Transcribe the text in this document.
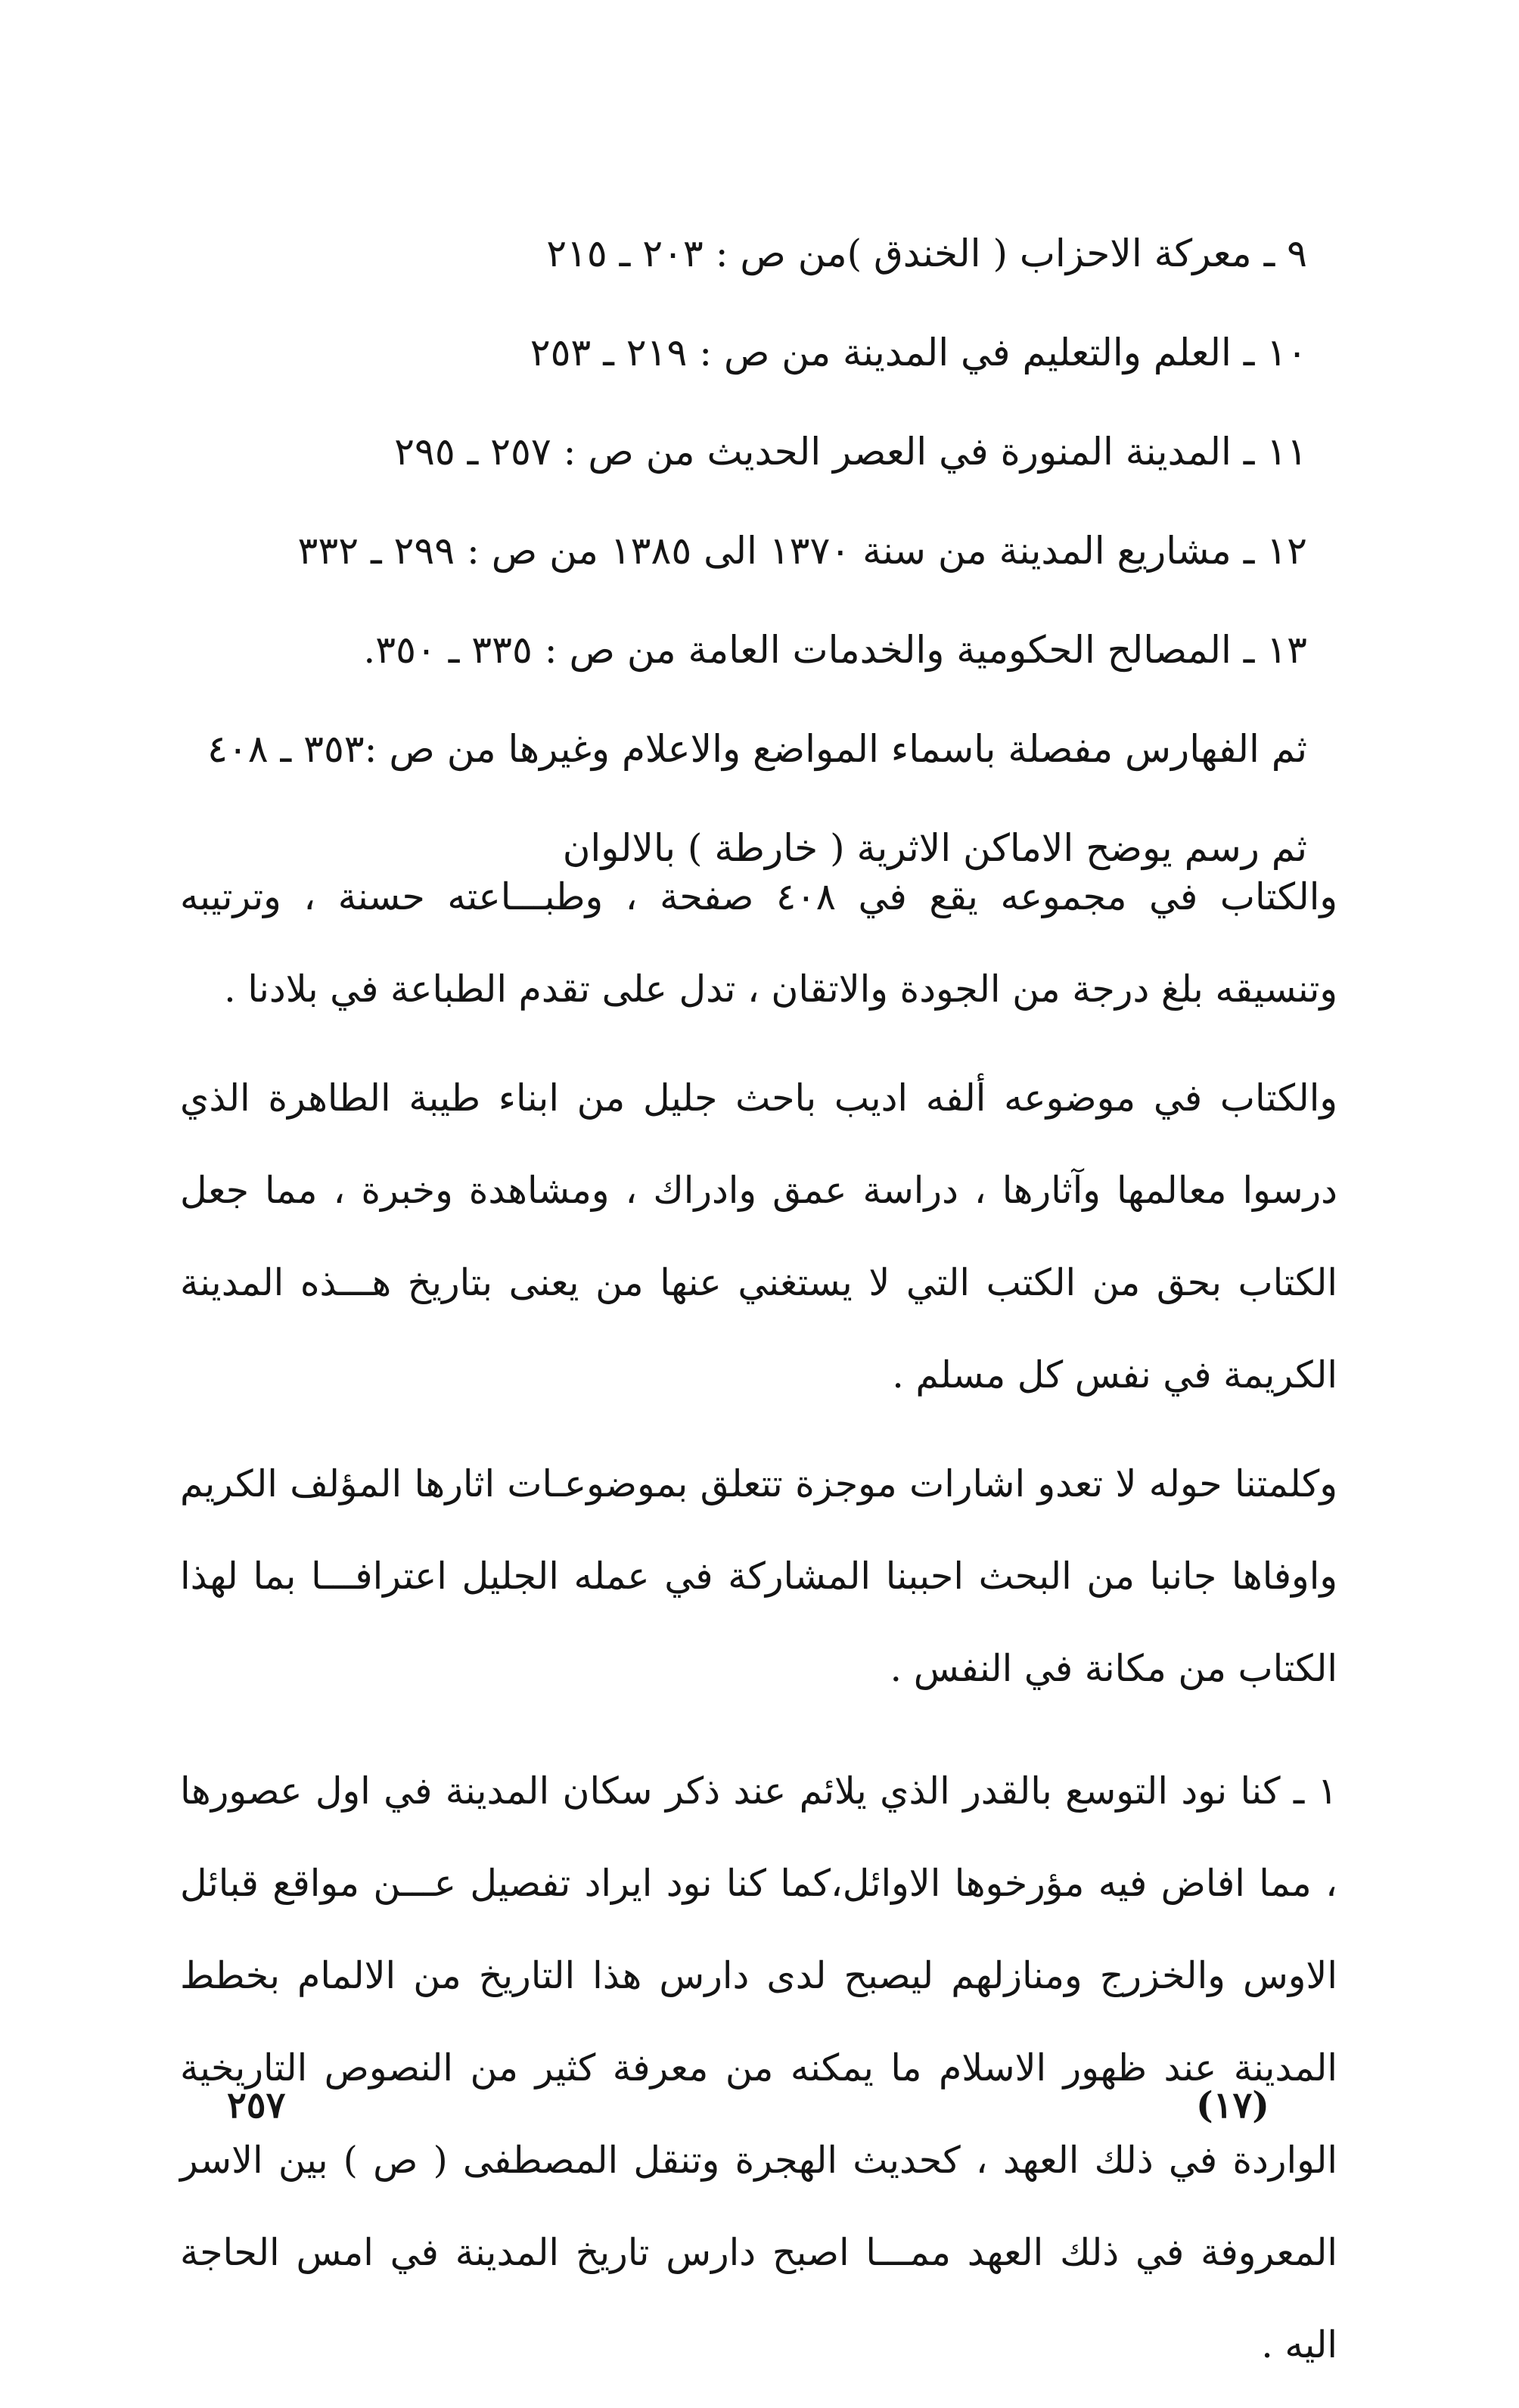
٩ ـ معركة الاحزاب ( الخندق )من ص : ٢٠٣ ـ ٢١٥
١٠ ـ العلم والتعليم في المدينة من ص : ٢١٩ ـ ٢٥٣
١١ ـ المدينة المنورة في العصر الحديث من ص : ٢٥٧ ـ ٢٩٥
١٢ ـ مشاريع المدينة من سنة ١٣٧٠ الى ١٣٨٥ من ص : ٢٩٩ ـ ٣٣٢
١٣ ـ المصالح الحكومية والخدمات العامة من ص : ٣٣٥ ـ ٣٥٠.
ثم الفهارس مفصلة باسماء المواضع والاعلام وغيرها من ص :٣٥٣ ـ ٤٠٨
ثم رسم يوضح الاماكن الاثرية ( خارطة ) بالالوان

والكتاب في مجموعه يقع في ٤٠٨ صفحة ، وطبـــاعته حسنة ، وترتيبه وتنسيقه بلغ درجة من الجودة والاتقان ، تدل على تقدم الطباعة في بلادنا .

والكتاب في موضوعه ألفه اديب باحث جليل من ابناء طيبة الطاهرة الذي درسوا معالمها وآثارها ، دراسة عمق وادراك ، ومشاهدة وخبرة ، مما جعل الكتاب بحق من الكتب التي لا يستغني عنها من يعنى بتاريخ هـــذه المدينة الكريمة في نفس كل مسلم .

وكلمتنا حوله لا تعدو اشارات موجزة تتعلق بموضوعـات اثارها المؤلف الكريم واوفاها جانبا من البحث احببنا المشاركة في عمله الجليل اعترافـــا بما لهذا الكتاب من مكانة في النفس .

١ ـ كنا نود التوسع بالقدر الذي يلائم عند ذكر سكان المدينة في اول عصورها ، مما افاض فيه مؤرخوها الاوائل،كما كنا نود ايراد تفصيل عـــن مواقع قبائل الاوس والخزرج ومنازلهم ليصبح لدى دارس هذا التاريخ من الالمام بخطط المدينة عند ظهور الاسلام ما يمكنه من معرفة كثير من النصوص التاريخية الواردة في ذلك العهد ، كحديث الهجرة وتنقل المصطفى ( ص ) بين الاسر المعروفة في ذلك العهد ممـــا اصبح دارس تاريخ المدينة في امس الحاجة اليه .

٢٥٧	(١٧)
